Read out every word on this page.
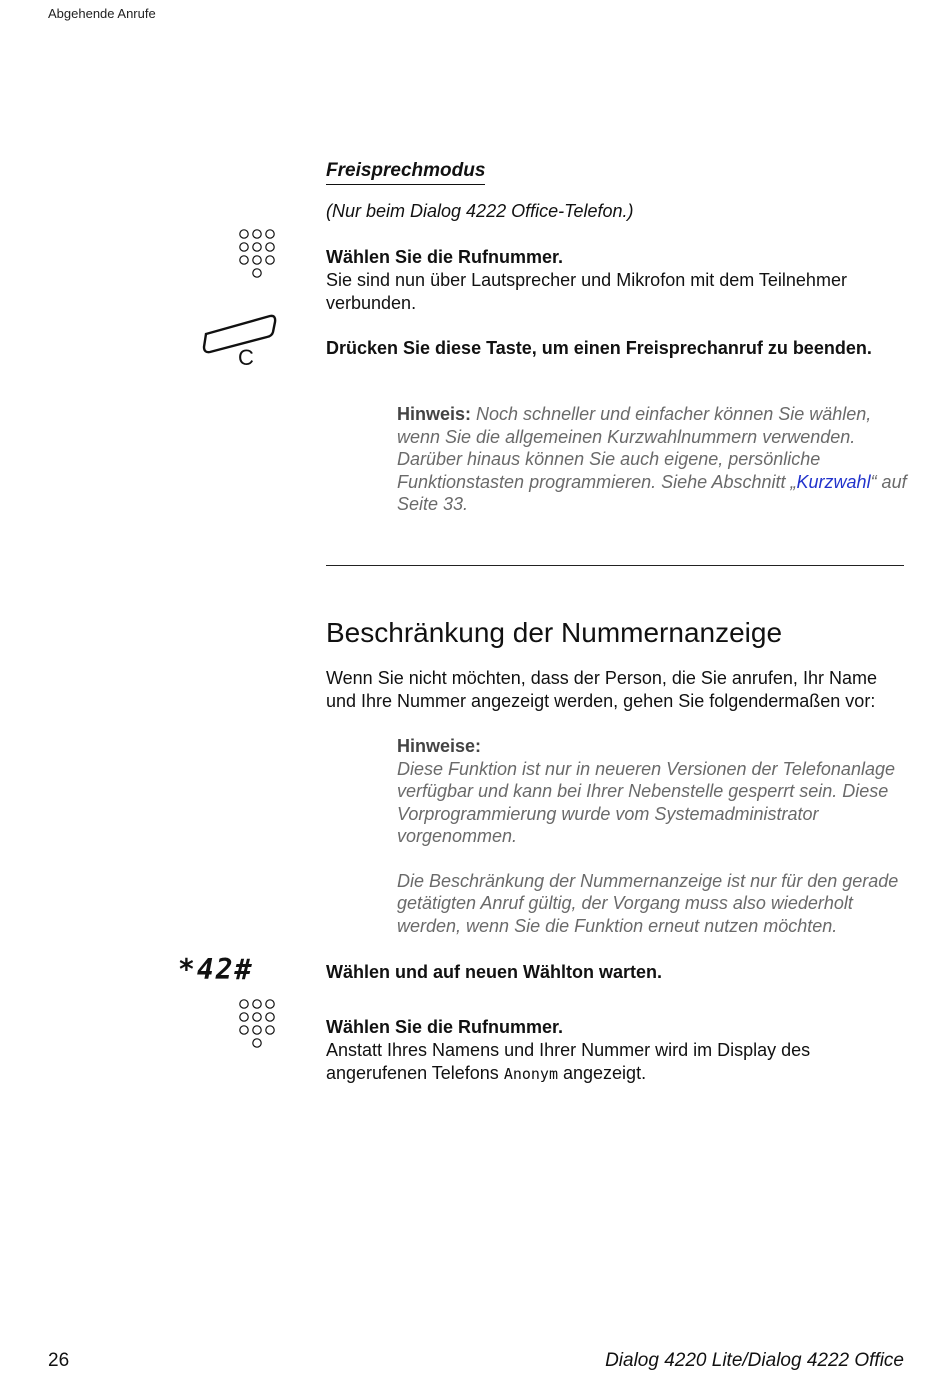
Abgehende Anrufe
Freisprechmodus
(Nur beim Dialog 4222 Office-Telefon.)
Wählen Sie die Rufnummer.
Sie sind nun über Lautsprecher und Mikrofon mit dem Teilnehmer verbunden.
C	Drücken Sie diese Taste, um einen Freisprechanruf zu beenden.
Hinweis: Noch schneller und einfacher können Sie wählen, wenn Sie die allgemeinen Kurzwahlnummern verwenden. Darüber hinaus können Sie auch eigene, persönliche Funktionstasten programmieren. Siehe Abschnitt „Kurzwahl“ auf Seite 33.
Beschränkung der Nummernanzeige
Wenn Sie nicht möchten, dass der Person, die Sie anrufen, Ihr Name und Ihre Nummer angezeigt werden, gehen Sie folgendermaßen vor:
Hinweise:
Diese Funktion ist nur in neueren Versionen der Telefonanlage verfügbar und kann bei Ihrer Nebenstelle gesperrt sein. Diese Vorprogrammierung wurde vom Systemadministrator vorgenommen.
Die Beschränkung der Nummernanzeige ist nur für den gerade getätigten Anruf gültig, der Vorgang muss also wiederholt werden, wenn Sie die Funktion erneut nutzen möchten.
*42#	Wählen und auf neuen Wählton warten.
Wählen Sie die Rufnummer.
Anstatt Ihres Namens und Ihrer Nummer wird im Display des angerufenen Telefons Anonym angezeigt.
26	Dialog 4220 Lite/Dialog 4222 Office
